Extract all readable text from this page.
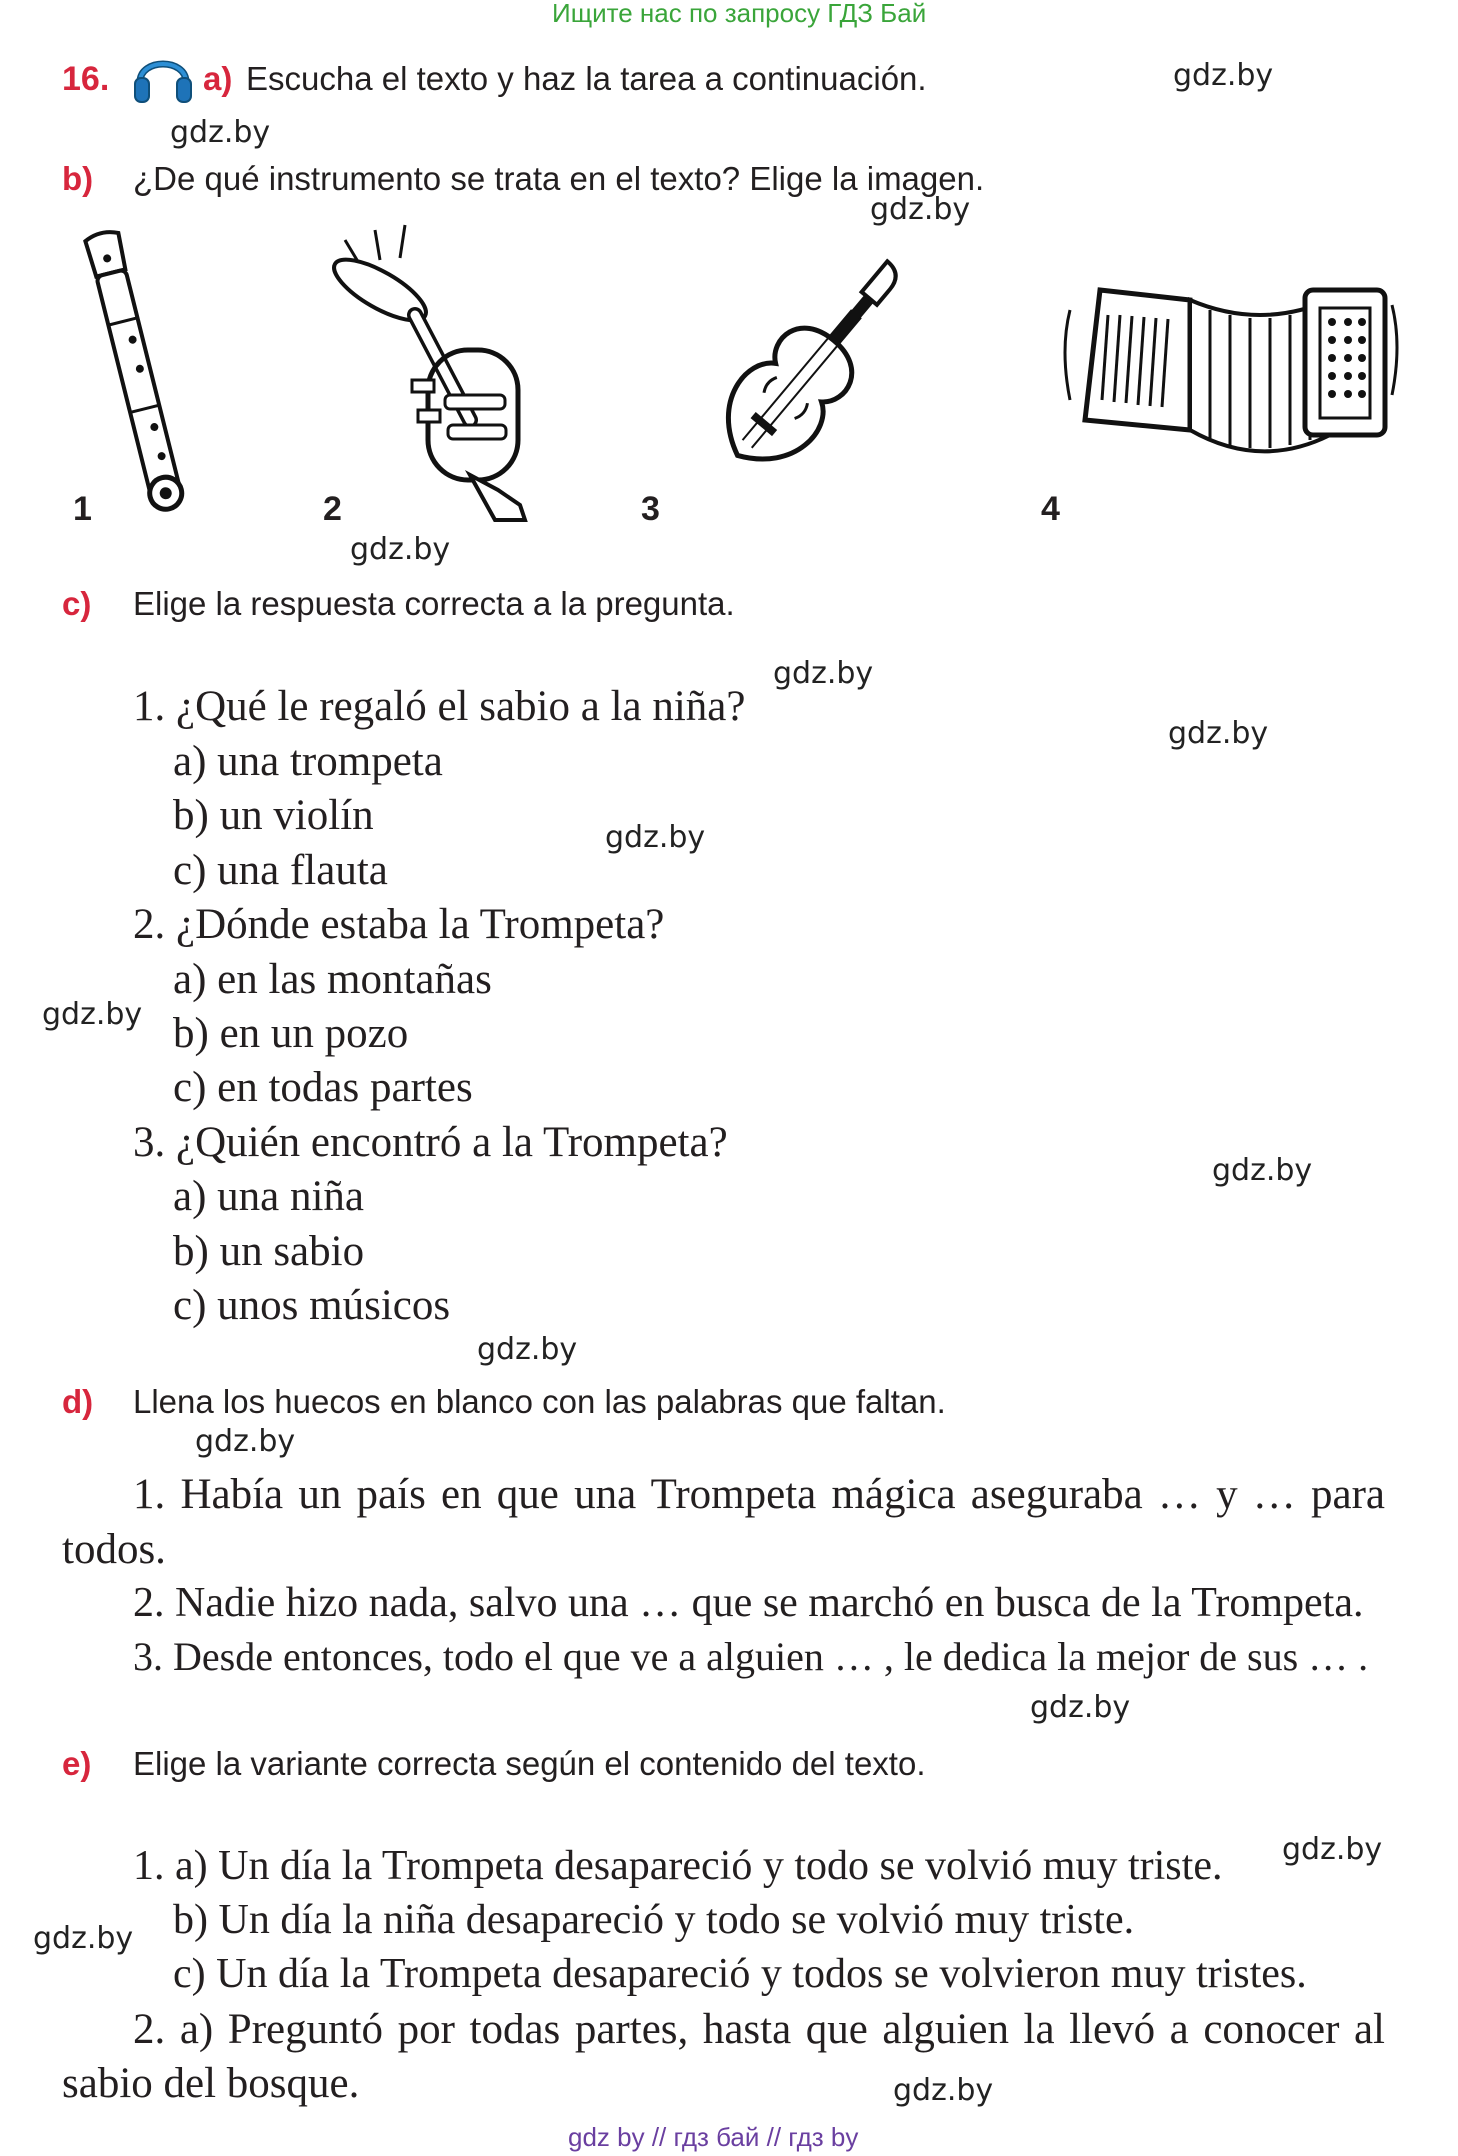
Ищите нас по запросу ГДЗ Бай
16.	a) Escucha el texto y haz la tarea a continuación.
b) ¿De qué instrumento se trata en el texto? Elige la imagen.
1	2	3	4
c) Elige la respuesta correcta a la pregunta.
1. ¿Qué le regaló el sabio a la niña?
a) una trompeta
b) un violín
c) una flauta
2. ¿Dónde estaba la Trompeta?
a) en las montañas
b) en un pozo
c) en todas partes
3. ¿Quién encontró a la Trompeta?
a) una niña
b) un sabio
c) unos músicos
d) Llena los huecos en blanco con las palabras que faltan.
1. Había un país en que una Trompeta mágica aseguraba … y … para
todos.
2. Nadie hizo nada, salvo una … que se marchó en busca de la Trompeta.
3. Desde entonces, todo el que ve a alguien … , le dedica la mejor de sus … .
e) Elige la variante correcta según el contenido del texto.
1. a) Un día la Trompeta desapareció y todo se volvió muy triste.
b) Un día la niña desapareció y todo se volvió muy triste.
c) Un día la Trompeta desapareció y todos se volvieron muy tristes.
2. a) Preguntó por todas partes, hasta que alguien la llevó a conocer al
sabio del bosque.
gdz.by
gdz.by
gdz.by
gdz.by
gdz.by
gdz.by
gdz.by
gdz.by
gdz.by
gdz.by
gdz.by
gdz.by
gdz.by
gdz.by
gdz.by
gdz by // гдз бай // гдз by
